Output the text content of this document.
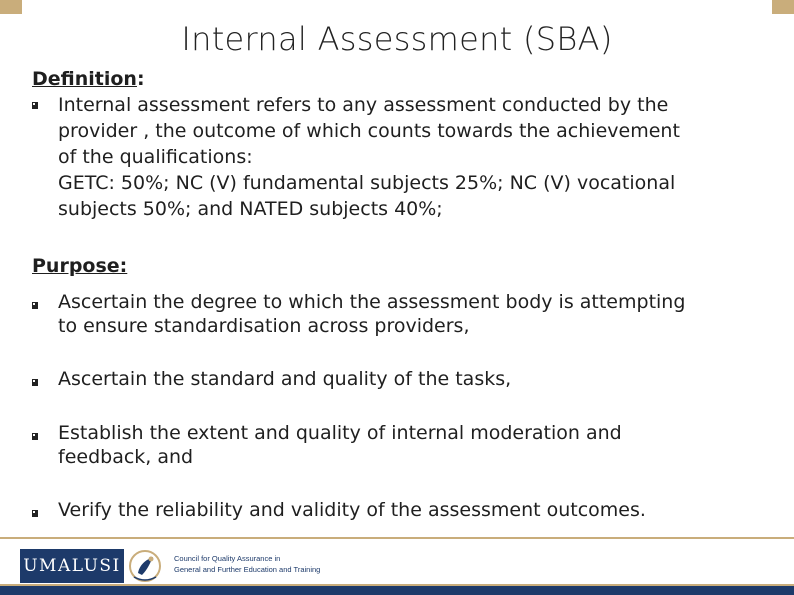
Internal Assessment (SBA)
Definition:
Internal assessment refers to any assessment conducted by the
provider , the outcome of which counts towards the achievement
of the qualifications:
GETC: 50%; NC (V) fundamental subjects 25%; NC (V) vocational
subjects 50%; and NATED subjects 40%;
Purpose:
Ascertain the degree to which the assessment body is attempting
to ensure standardisation across providers,
Ascertain the standard and quality of the tasks,
Establish the extent and quality of internal moderation and
feedback, and
Verify the reliability and validity of the assessment outcomes.
UMALUSI	Council for Quality Assurance in
General and Further Education and Training
